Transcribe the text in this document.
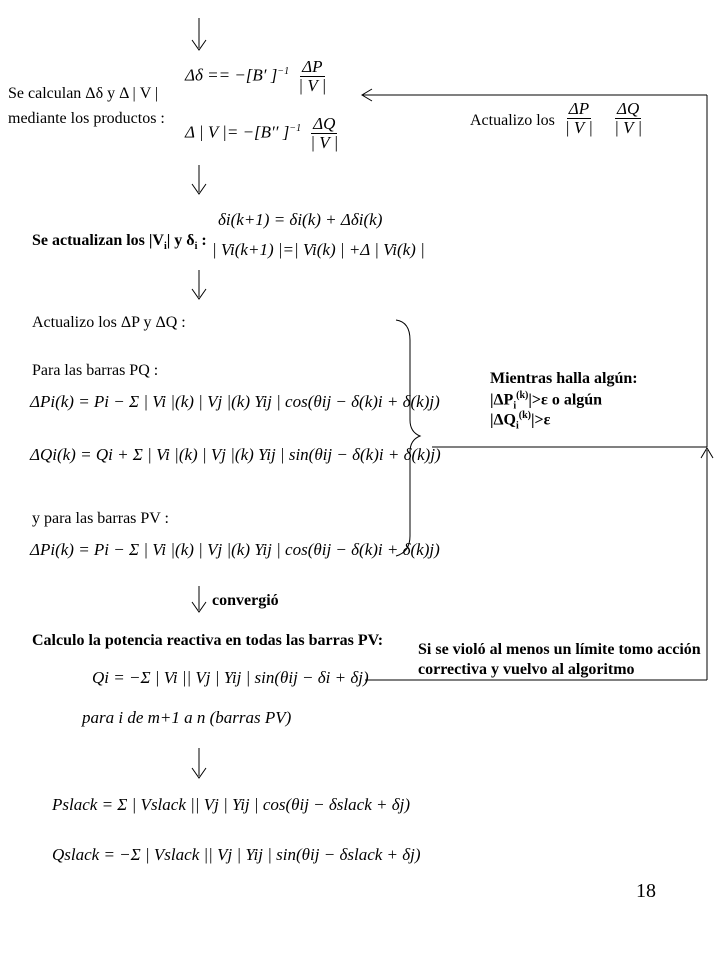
Se calculan Δδ y Δ | V |
mediante los productos :
Δδ == −[B′ ]$^{-1} \frac{\Delta P}{| V |}$
Δ | V |= −[B′′ ]$^{-1} \frac{\Delta Q}{| V |}$	Actualizo los $\frac{\Delta P}{| V |}$
$\frac{\Delta Q}{| V |}$
Se actualizan los $|V_i|$ y $\delta_i$ :
δi(k+1) = δi(k) + Δδi(k)
| Vi(k+1) |=| Vi(k) | +Δ | Vi(k) |
Actualizo los ΔP y ΔQ :
Para las barras PQ :
ΔPi(k) = Pi − Σ | Vi |(k) | Vj |(k) Yij | cos(θij − δ(k)i + δ(k)j)
ΔQi(k) = Qi + Σ | Vi |(k) | Vj |(k) Yij | sin(θij − δ(k)i + δ(k)j)
y para las barras PV :
ΔPi(k) = Pi − Σ | Vi |(k) | Vj |(k) Yij | cos(θij − δ(k)i + δ(k)j)
Mientras halla algún:
$|\Delta P_i^{(k)}|>\varepsilon$ o algún
$|\Delta Q_i^{(k)}|>\varepsilon$
convergió
Calculo la potencia reactiva en todas las barras PV:
Qi = −Σ | Vi || Vj | Yij | sin(θij − δi + δj)
para i de m+1 a n (barras PV)
Si se violó al menos un límite tomo acción
correctiva y vuelvo al algoritmo
Pslack = Σ | Vslack || Vj | Yij | cos(θij − δslack + δj)
Qslack = −Σ | Vslack || Vj | Yij | sin(θij − δslack + δj)
18
